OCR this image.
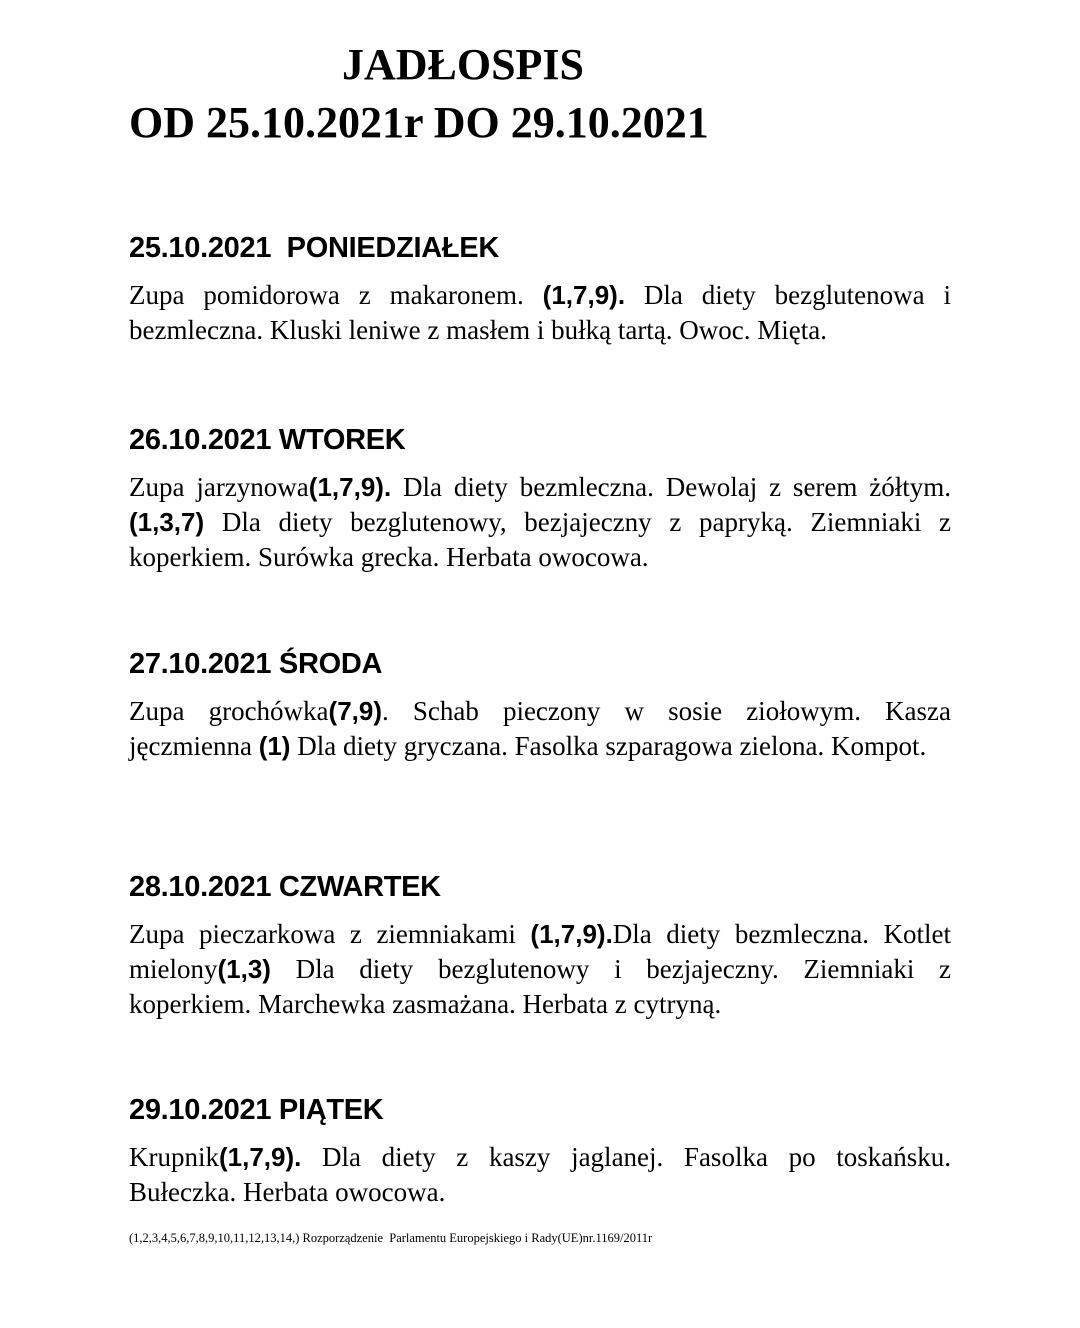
JADŁOSPIS
OD 25.10.2021r DO 29.10.2021
25.10.2021  PONIEDZIAŁEK

Zupa pomidorowa z makaronem. (1,7,9). Dla diety bezglutenowa i bezmleczna. Kluski leniwe z masłem i bułką tartą. Owoc. Mięta.

26.10.2021 WTOREK

Zupa jarzynowa(1,7,9). Dla diety bezmleczna. Dewolaj z serem żółtym.(1,3,7) Dla diety bezglutenowy, bezjajeczny z papryką. Ziemniaki z koperkiem. Surówka grecka. Herbata owocowa.

27.10.2021 ŚRODA

Zupa grochówka(7,9). Schab pieczony w sosie ziołowym. Kasza jęczmienna (1) Dla diety gryczana. Fasolka szparagowa zielona. Kompot.

28.10.2021 CZWARTEK

Zupa pieczarkowa z ziemniakami (1,7,9).Dla diety bezmleczna. Kotlet mielony(1,3) Dla diety bezglutenowy i bezjajeczny. Ziemniaki z koperkiem. Marchewka zasmażana. Herbata z cytryną.

29.10.2021 PIĄTEK

Krupnik(1,7,9). Dla diety z kaszy jaglanej. Fasolka po toskańsku. Bułeczka. Herbata owocowa.

(1,2,3,4,5,6,7,8,9,10,11,12,13,14,) Rozporządzenie  Parlamentu Europejskiego i Rady(UE)nr.1169/2011r
